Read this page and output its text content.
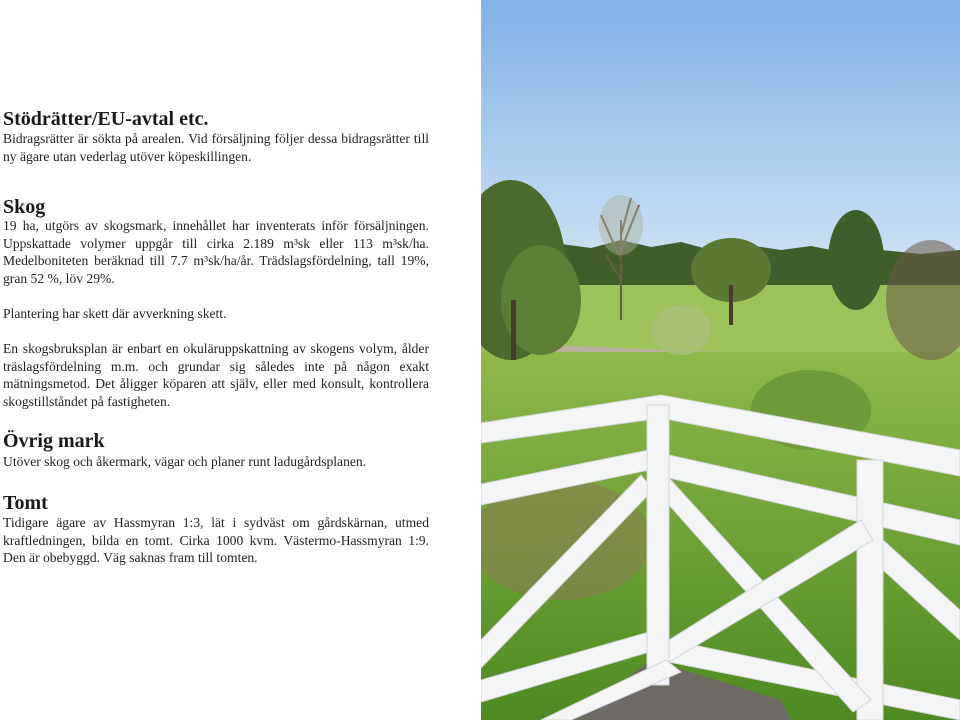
Stödrätter/EU-avtal etc.
Bidragsrätter är sökta på arealen. Vid försäljning följer dessa bidragsrätter till ny ägare utan vederlag utöver köpeskillingen.
Skog
19 ha, utgörs av skogsmark, innehållet har inventerats inför försäljningen. Uppskattade volymer uppgår till cirka 2.189 m³sk eller 113 m³sk/ha. Medelboniteten beräknad till 7.7 m³sk/ha/år. Trädslagsfördelning, tall 19%, gran 52 %, löv 29%.
Plantering har skett där avverkning skett.
En skogsbruksplan är enbart en okuläruppskattning av skogens volym, ålder träslagsfördelning m.m. och grundar sig således inte på någon exakt mätningsmetod. Det åligger köparen att själv, eller med konsult, kontrollera skogstillståndet på fastigheten.
Övrig mark
Utöver skog och åkermark, vägar och planer runt ladugårdsplanen.
Tomt
Tidigare ägare av Hassmyran 1:3, lät i sydväst om gårdskärnan, utmed kraftledningen, bilda en tomt. Cirka 1000 kvm. Västermo-Hassmyran 1:9. Den är obebyggd. Väg saknas fram till tomten.
